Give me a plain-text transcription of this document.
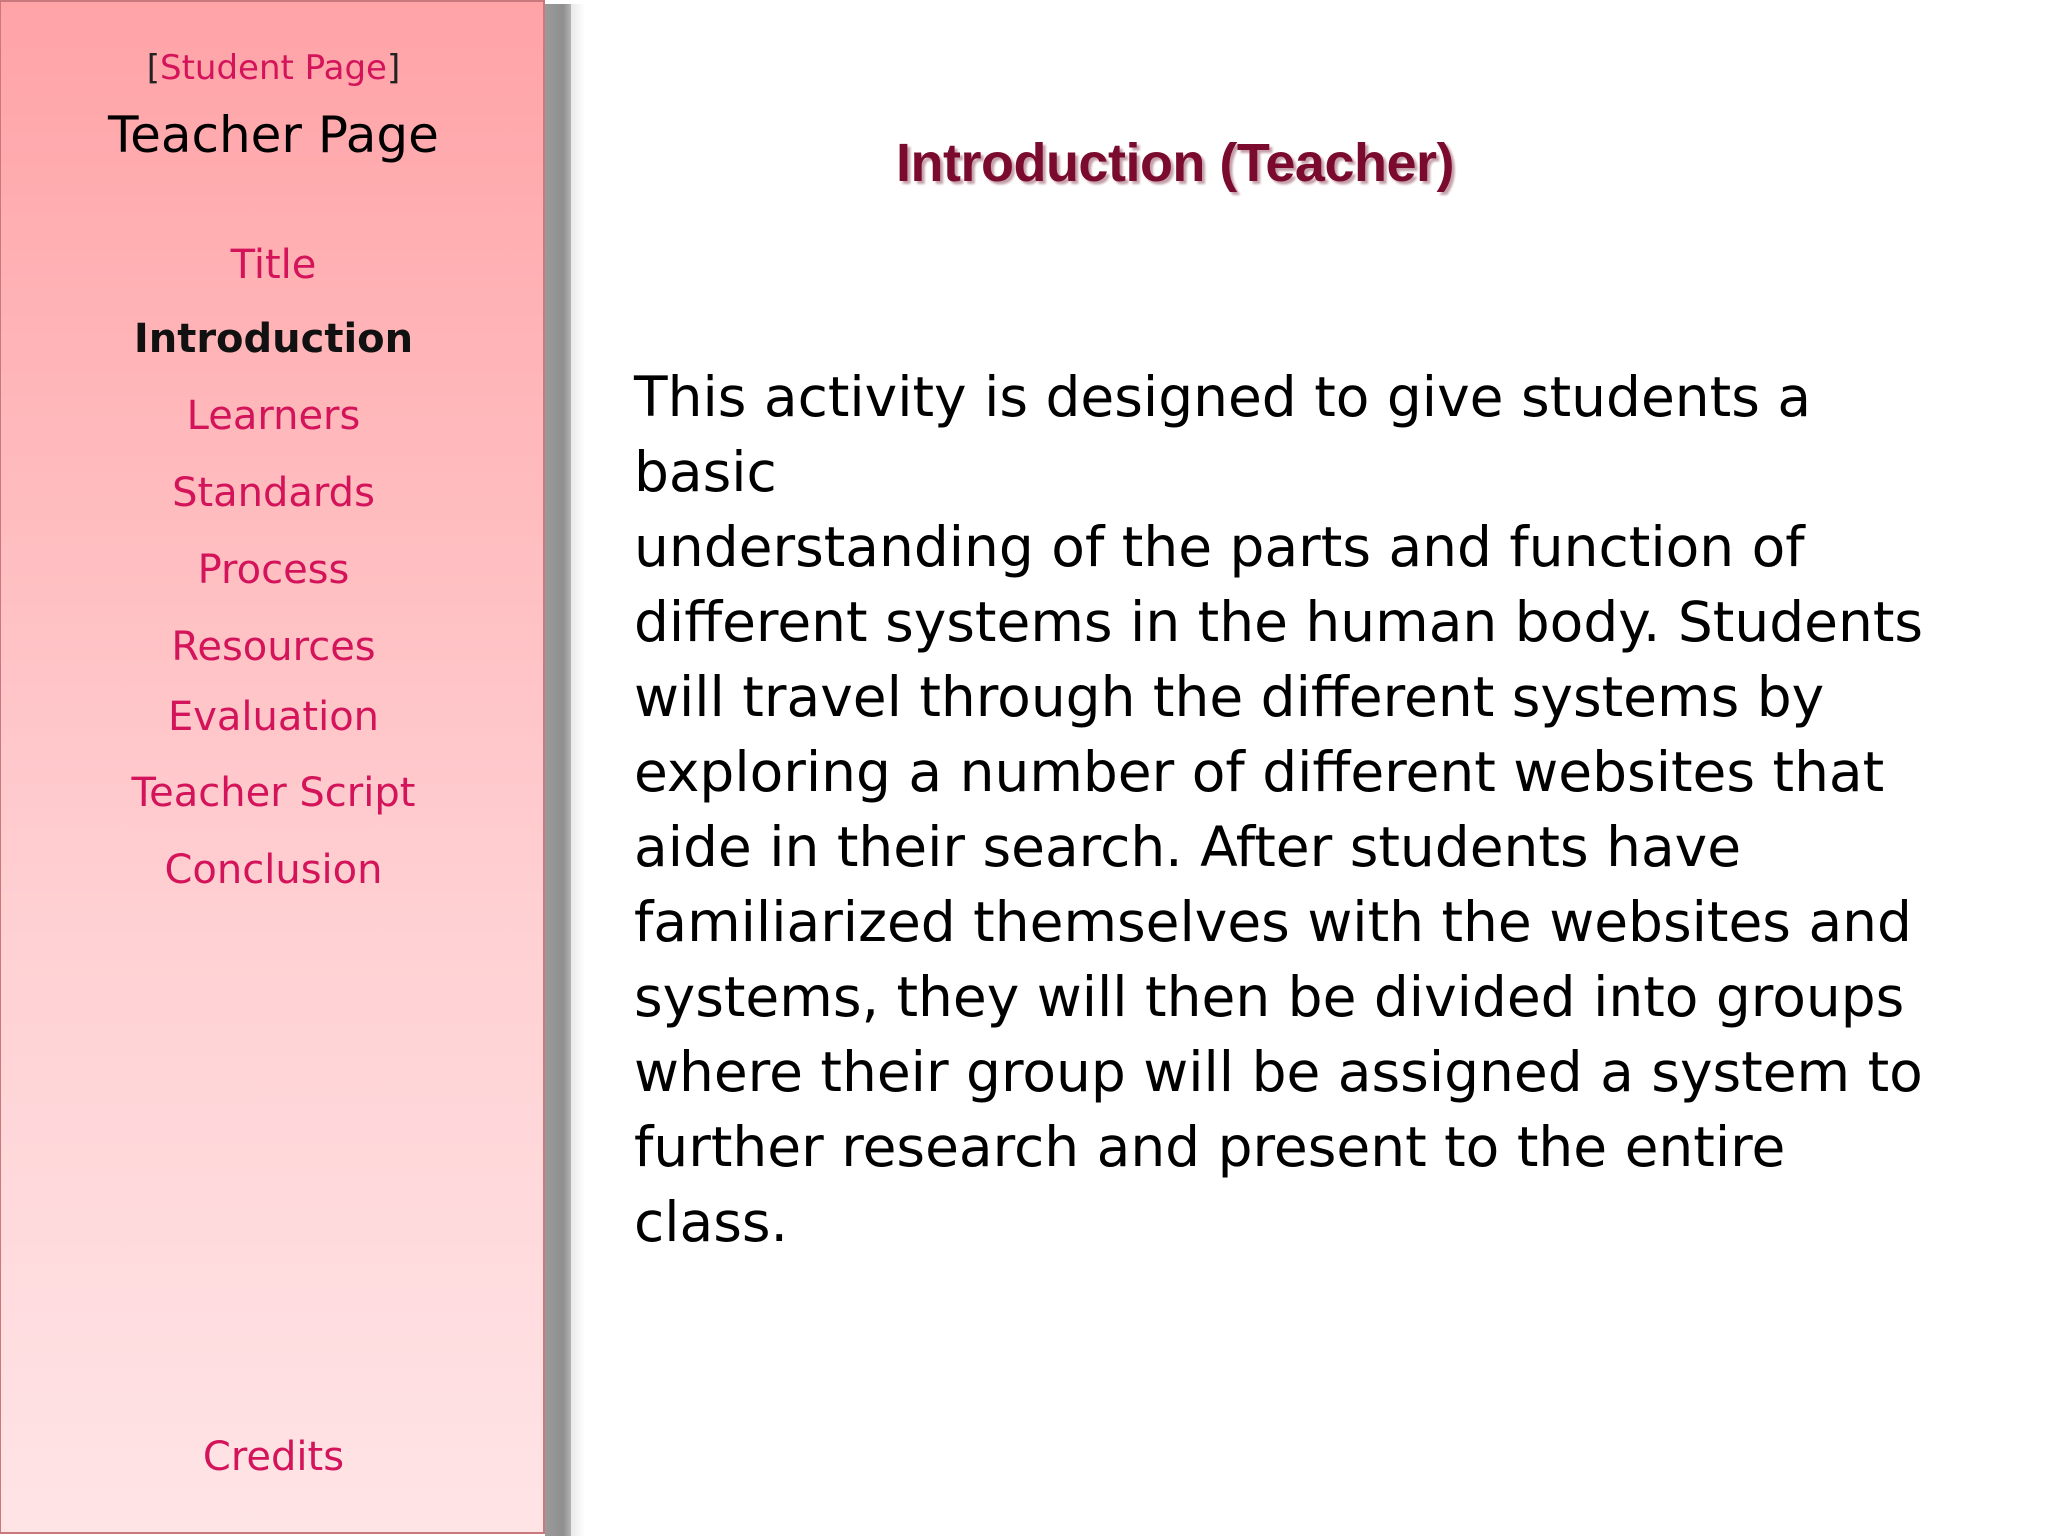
[Student Page]
Teacher Page
Title
Introduction
Learners
Standards
Process
Resources
Evaluation
Teacher Script
Conclusion
Credits
Introduction (Teacher)

This activity is designed to give students a basic
understanding of the parts and function of
different systems in the human body. Students
will travel through the different systems by
exploring a number of different websites that
aide in their search. After students have
familiarized themselves with the websites and
systems, they will then be divided into groups
where their group will be assigned a system to
further research and present to the entire class.
